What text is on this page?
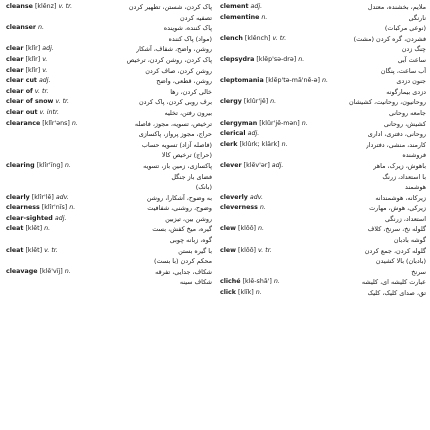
cleanse [klĕnz] v. tr.	پاک کردن، شستن، تطهیر کردن
تصفیه کردن
cleanser n.	پاک کننده، شوینده
(مواد) پاک کننده
clear [klîr] adj.	روشن، واضح، شفاف، آشکار
clear [klîr] v.	پاک کردن، روشن کردن، ترخیص
clear [klîr] v.	روشن کردن، صاف کردن
clear cut adj.	روشن، قطعی، واضح
clear of v. tr.	خالی کردن، رها
clear of snow v. tr.	برف روبی کردن، پاک کردن
clear out v. intr.	بیرون رفتن، تخلیه
clearance [klîr'əns] n.	ترخیص، تسویه، مجوز، فاصله
حراج، مجوز پرواز، پاکسازی
(فاصله آزاد) تسویه حساب
(حراج) ترخیص کالا
clearing [klîr'ĭng] n.	پاکسازی، زمین باز، تسویه
فضای باز جنگل
(بانک)
clearly [klîr'lē] adv.	به وضوح، آشکارا، روشن
clearness [klîr'nĭs] n.	وضوح، روشنی، شفافیت
clear-sighted adj.	روشن بین، تیزبین
cleat [klēt] n.	گیره، میخ کفش، بست
گوه، زبانه چوبی
cleat [klēt] v. tr.	با گیره بستن
محکم کردن (با بست)
cleavage [klē'vĭj] n.	شکاف، جدایی، تفرقه
شکاف سینه
clement adj.	ملایم، بخشنده، معتدل
clementine n.	نارنگی
(نوعی مرکبات)
clench [klĕnch] v. tr.	فشردن، گره کردن (مشت)
چنگ زدن
clepsydra [klĕp'sə-drə] n.	ساعت آبی
آب ساعت، پنگان
cleptomania [klĕp'tə-mā'nē-ə] n.	جنون دزدی
دزدی بیمارگونه
clergy [klûr'jē] n.	روحانیون، روحانیت، کشیشان
جامعه روحانی
clergyman [klûr'jē-mən] n.	کشیش، روحانی
clerical adj.	روحانی، دفتری، اداری
clerk [klûrk; klärk] n.	کارمند، منشی، دفتردار
فروشنده
clever [klĕv'ər] adj.	باهوش، زیرک، ماهر
با استعداد، زرنگ
هوشمند
cleverly adv.	زیرکانه، هوشمندانه
cleverness n.	زیرکی، هوش، مهارت
استعداد، زرنگی
clew [klōō] n.	گلوله نخ، سرنخ، کلاف
گوشه بادبان
clew [klōō] v. tr.	گلوله کردن، جمع کردن
(بادبان) بالا کشیدن
سرنخ
cliché [klē-shā'] n.	عبارت کلیشه ای، کلیشه
click [klĭk] n.	تق، صدای کلیک، کلیک
